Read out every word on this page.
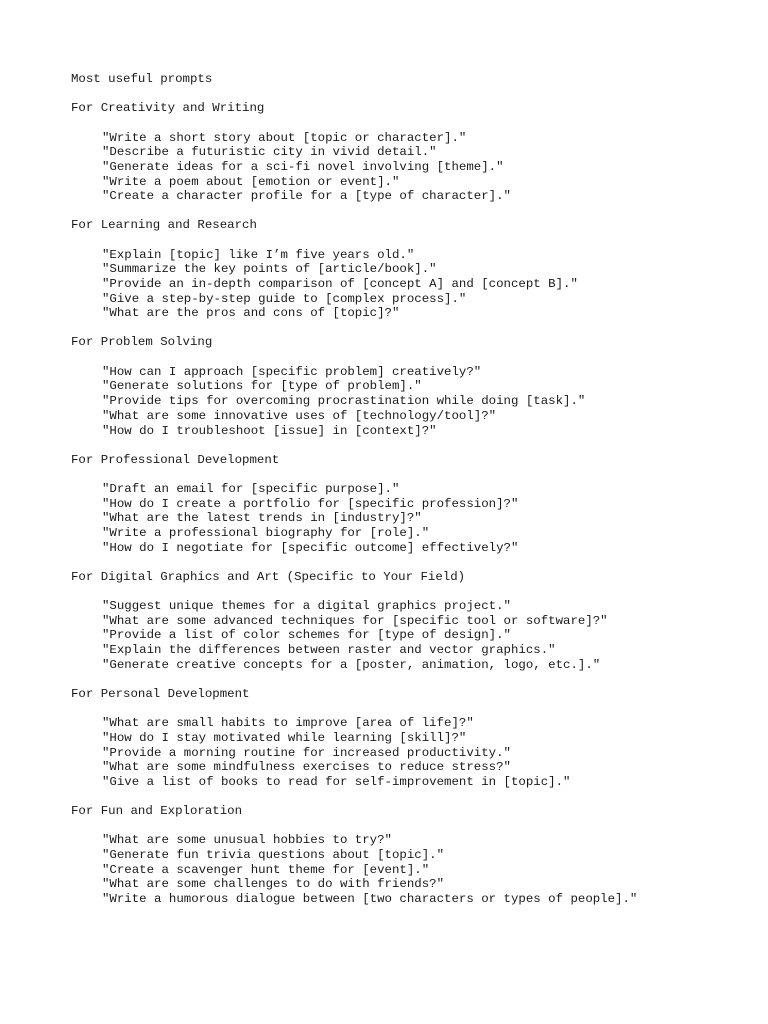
Most useful prompts
For Creativity and Writing
"Write a short story about [topic or character]."
"Describe a futuristic city in vivid detail."
"Generate ideas for a sci-fi novel involving [theme]."
"Write a poem about [emotion or event]."
"Create a character profile for a [type of character]."
For Learning and Research
"Explain [topic] like I’m five years old."
"Summarize the key points of [article/book]."
"Provide an in-depth comparison of [concept A] and [concept B]."
"Give a step-by-step guide to [complex process]."
"What are the pros and cons of [topic]?"
For Problem Solving
"How can I approach [specific problem] creatively?"
"Generate solutions for [type of problem]."
"Provide tips for overcoming procrastination while doing [task]."
"What are some innovative uses of [technology/tool]?"
"How do I troubleshoot [issue] in [context]?"
For Professional Development
"Draft an email for [specific purpose]."
"How do I create a portfolio for [specific profession]?"
"What are the latest trends in [industry]?"
"Write a professional biography for [role]."
"How do I negotiate for [specific outcome] effectively?"
For Digital Graphics and Art (Specific to Your Field)
"Suggest unique themes for a digital graphics project."
"What are some advanced techniques for [specific tool or software]?"
"Provide a list of color schemes for [type of design]."
"Explain the differences between raster and vector graphics."
"Generate creative concepts for a [poster, animation, logo, etc.]."
For Personal Development
"What are small habits to improve [area of life]?"
"How do I stay motivated while learning [skill]?"
"Provide a morning routine for increased productivity."
"What are some mindfulness exercises to reduce stress?"
"Give a list of books to read for self-improvement in [topic]."
For Fun and Exploration
"What are some unusual hobbies to try?"
"Generate fun trivia questions about [topic]."
"Create a scavenger hunt theme for [event]."
"What are some challenges to do with friends?"
"Write a humorous dialogue between [two characters or types of people]."
